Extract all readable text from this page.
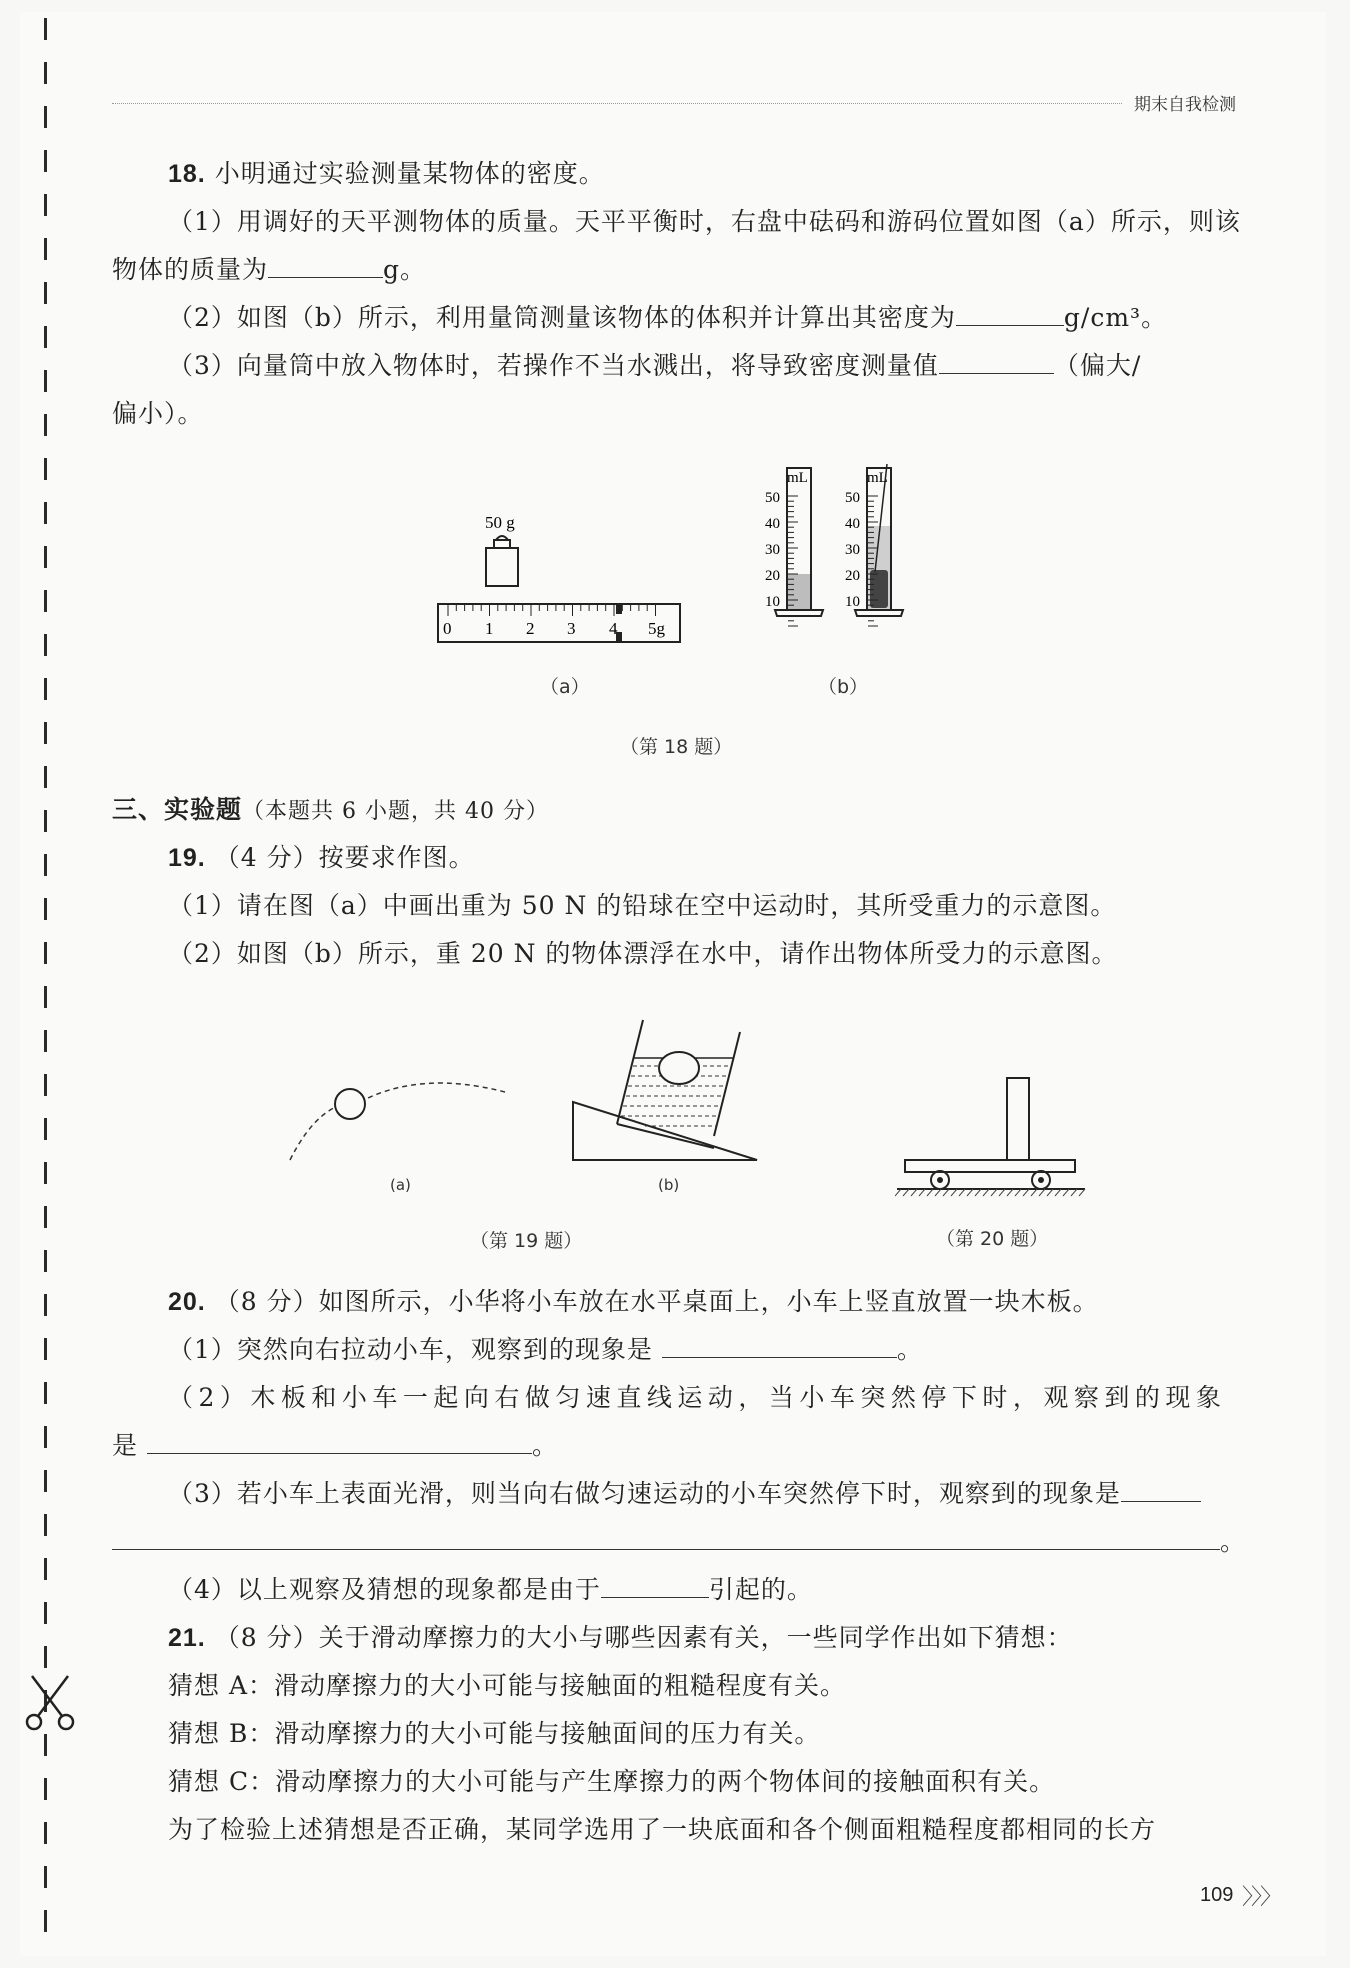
期末自我检测
18. 小明通过实验测量某物体的密度。
（1）用调好的天平测物体的质量。天平平衡时，右盘中砝码和游码位置如图（a）所示，则该
物体的质量为	g。
（2）如图（b）所示，利用量筒测量该物体的体积并计算出其密度为	g/cm³。
（3）向量筒中放入物体时，若操作不当水溅出，将导致密度测量值	（偏大/
偏小）。
50 g
0 1 2 3 4 5g
（a）
mL
50
40
30
20
10
mL
50
40
30
20
10
（b）
（第 18 题）
三、实验题（本题共 6 小题，共 40 分）
19. （4 分）按要求作图。
（1）请在图（a）中画出重为 50 N 的铅球在空中运动时，其所受重力的示意图。
（2）如图（b）所示，重 20 N 的物体漂浮在水中，请作出物体所受力的示意图。
(a)	(b)
（第 19 题）	（第 20 题）
20. （8 分）如图所示，小华将小车放在水平桌面上，小车上竖直放置一块木板。
（1）突然向右拉动小车，观察到的现象是	。
（2）木板和小车一起向右做匀速直线运动，当小车突然停下时，观察到的现象
是	。
（3）若小车上表面光滑，则当向右做匀速运动的小车突然停下时，观察到的现象是
。
（4）以上观察及猜想的现象都是由于	引起的。
21. （8 分）关于滑动摩擦力的大小与哪些因素有关，一些同学作出如下猜想：
猜想 A：滑动摩擦力的大小可能与接触面的粗糙程度有关。
猜想 B：滑动摩擦力的大小可能与接触面间的压力有关。
猜想 C：滑动摩擦力的大小可能与产生摩擦力的两个物体间的接触面积有关。
为了检验上述猜想是否正确，某同学选用了一块底面和各个侧面粗糙程度都相同的长方
109 〉〉〉
